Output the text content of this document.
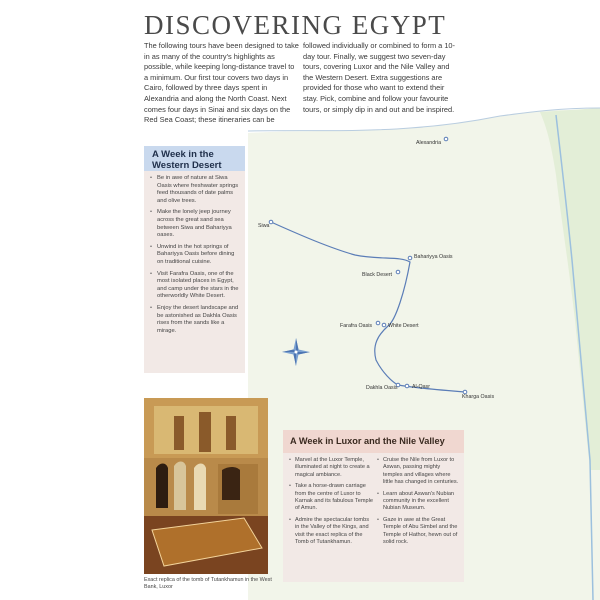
Alexandria
Siwa
Bahariyya Oasis
Black Desert
Farafra Oasis	White Desert
Dakhla Oasis	Al-Qasr
Kharga Oasis
DISCOVERING EGYPT

The following tours have been designed to take in as many of the country's highlights as possible, while keeping long-distance travel to a minimum. Our first tour covers two days in Cairo, followed by three days spent in Alexandria and along the North Coast. Next comes four days in Sinai and six days on the Red Sea Coast; these itineraries can be

followed individually or combined to form a 10-day tour. Finally, we suggest two seven-day tours, covering Luxor and the Nile Valley and the Western Desert. Extra suggestions are provided for those who want to extend their stay. Pick, combine and follow your favourite tours, or simply dip in and out and be inspired.

A Week in the Western Desert
• Be in awe of nature at Siwa Oasis where freshwater springs feed thousands of date palms and olive trees.
• Make the lonely jeep journey across the great sand sea between Siwa and Bahariyya oases.
• Unwind in the hot springs of Bahariyya Oasis before dining on traditional cuisine.
• Visit Farafra Oasis, one of the most isolated places in Egypt, and camp under the stars in the otherworldly White Desert.
• Enjoy the desert landscape and be astonished as Dakhla Oasis rises from the sands like a mirage.

Exact replica of the tomb of Tutankhamun in the West Bank, Luxor

A Week in Luxor and the Nile Valley
• Marvel at the Luxor Temple, illuminated at night to create a magical ambiance.
• Take a horse-drawn carriage from the centre of Luxor to Karnak and its fabulous Temple of Amun.
• Admire the spectacular tombs in the Valley of the Kings, and visit the exact replica of the Tomb of Tutankhamun.
• Cruise the Nile from Luxor to Aswan, passing mighty temples and villages where little has changed in centuries.
• Learn about Aswan's Nubian community in the excellent Nubian Museum.
• Gaze in awe at the Great Temple of Abu Simbel and the Temple of Hathor, hewn out of solid rock.
